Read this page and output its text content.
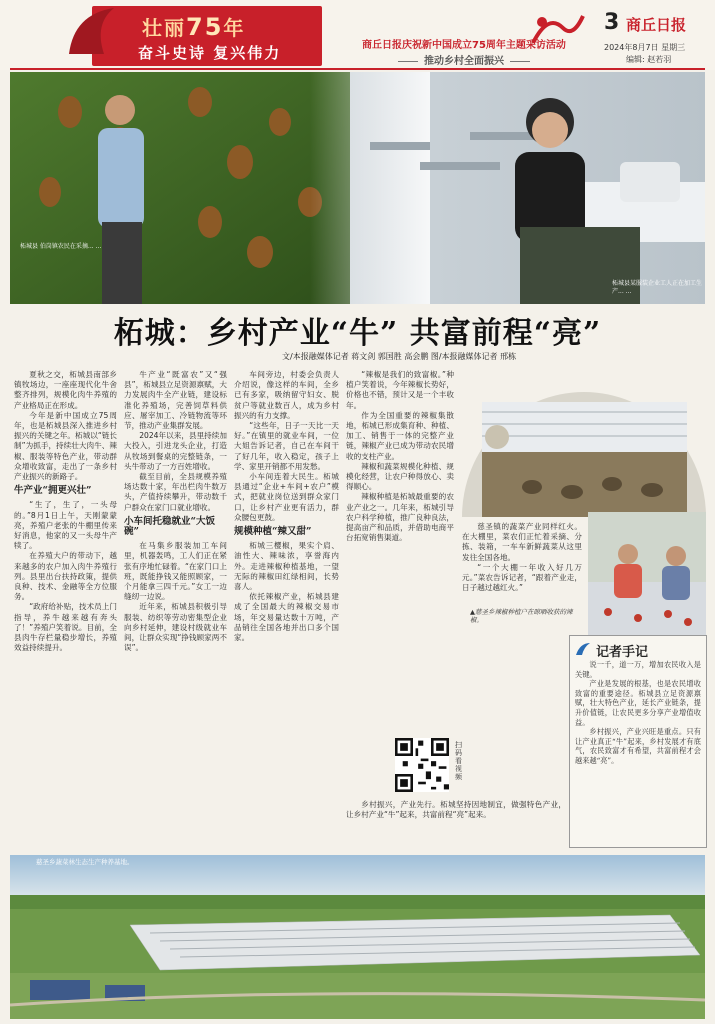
壮丽75年
奋斗史诗 复兴伟力	商丘日报庆祝新中国成立75周年主题采访活动
推动乡村全面振兴
3 商丘日报
2024年8月7日 星期三
编辑: 赵若羽
柘城县 伯岗镇农民在采摘... ...
柘城县某服装企业工人正在加工生产... ...
柘城：乡村产业“牛” 共富前程“亮”
文/本报融媒体记者 蒋文剑 郭国胜 高会鹏 图/本报融媒体记者 邢栋

夏秋之交，柘城县南部乡镇牧场边，一座座现代化牛舍整齐排列，规模化肉牛养殖的产业格局正在形成。

今年是新中国成立75周年，也是柘城县深入推进乡村振兴的关键之年。柘城以“链长制”为抓手，持续壮大肉牛、辣椒、服装等特色产业，带动群众增收致富，走出了一条乡村产业振兴的新路子。

牛产业“拥更兴壮”

“生了，生了，一头母的。”8月1日上午，天刚蒙蒙亮，养殖户老张的牛棚里传来好消息，他家的又一头母牛产犊了。

在养殖大户的带动下，越来越多的农户加入肉牛养殖行列。县里出台扶持政策，提供良种、技术、金融等全方位服务。

“政府给补贴，技术员上门指导，养牛越来越有奔头了！”养殖户笑着说。目前，全县肉牛存栏量稳步增长，养殖效益持续提升。

牛产业“既富农”又“强县”，柘城县立足资源禀赋，大力发展肉牛全产业链，建设标准化养殖场，完善饲草料供应、屠宰加工、冷链物流等环节，推动产业集群发展。

2024年以来，县里持续加大投入，引进龙头企业，打造从牧场到餐桌的完整链条，一头牛带动了一方百姓增收。

截至目前，全县规模养殖场达数十家，年出栏肉牛数万头，产值持续攀升，带动数千户群众在家门口就业增收。

小车间托稳就业“大饭碗”

在马集乡服装加工车间里，机器轰鸣，工人们正在紧张有序地忙碌着。“在家门口上班，既能挣钱又能照顾家，一个月能拿三四千元。”女工一边缝纫一边说。

近年来，柘城县积极引导服装、纺织等劳动密集型企业向乡村延伸，建设村级就业车间，让群众实现“挣钱顾家两不误”。

车间旁边，村委会负责人介绍说，像这样的车间，全乡已有多家，吸纳留守妇女、脱贫户等就业数百人，成为乡村振兴的有力支撑。

“这些年，日子一天比一天好。”在镇里的就业车间，一位大姐告诉记者，自己在车间干了好几年，收入稳定，孩子上学、家里开销都不用发愁。

小车间连着大民生。柘城县通过“企业+车间+农户”模式，把就业岗位送到群众家门口，让乡村产业更有活力，群众腰包更鼓。

规模种植“辣又甜”

柘城三樱椒，果实个肩、油性大、辣味浓，享誉海内外。走进辣椒种植基地，一望无际的辣椒田红绿相间，长势喜人。

依托辣椒产业，柘城县建成了全国最大的辣椒交易市场，年交易量达数十万吨，产品销往全国各地并出口多个国家。

“辣椒是我们的致富椒。”种植户笑着说，今年辣椒长势好，价格也不错，预计又是一个丰收年。

作为全国重要的辣椒集散地，柘城已形成集育种、种植、加工、销售于一体的完整产业链，辣椒产业已成为带动农民增收的支柱产业。

辣椒和蔬菜规模化种植、规模化经营，让农户种得放心、卖得顺心。

辣椒种植是柘城最重要的农业产业之一。几年来，柘城引导农户科学种植，推广良种良法，提高亩产和品质，并借助电商平台拓宽销售渠道。

乡村振兴，产业先行。柘城坚持因地制宜，做强特色产业，让乡村产业“牛”起来，共富前程“亮”起来。

慈圣镇的蔬菜产业同样红火。在大棚里，菜农们正忙着采摘、分拣、装箱，一车车新鲜蔬菜从这里发往全国各地。

“一个大棚一年收入好几万元。”菜农告诉记者，“跟着产业走，日子越过越红火。”

▲慈圣乡辣椒种植户在晾晒收获的辣椒。
记者手记

说一千，道一万，增加农民收入是关键。

产业是发展的根基，也是农民增收致富的重要途径。柘城县立足资源禀赋，壮大特色产业，延长产业链条，提升价值链，让农民更多分享产业增值收益。

乡村振兴，产业兴旺是重点。只有让产业真正“牛”起来，乡村发展才有底气，农民致富才有希望，共富前程才会越来越“亮”。

扫码看视频
慈圣乡蔬菜林生态生产种养基地。
